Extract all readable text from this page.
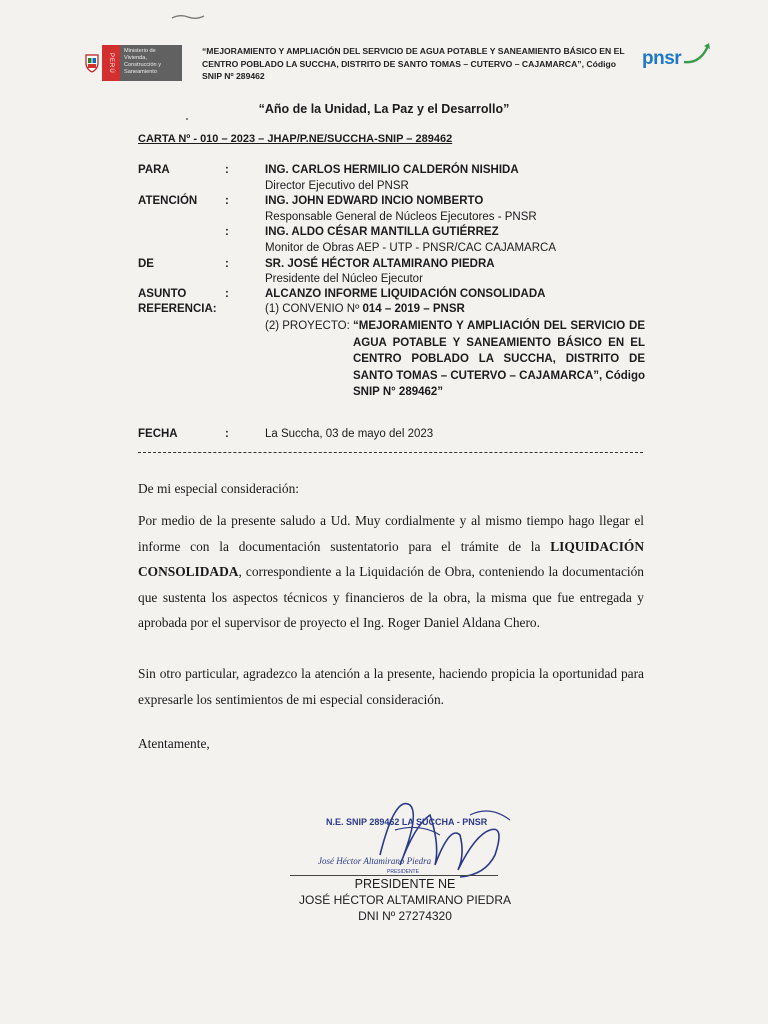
PERÚ
Ministerio de Vivienda, Construcción y Saneamiento
“MEJORAMIENTO Y AMPLIACIÓN DEL SERVICIO DE AGUA POTABLE Y SANEAMIENTO BÁSICO EN EL CENTRO POBLADO LA SUCCHA, DISTRITO DE SANTO TOMAS – CUTERVO – CAJAMARCA”, Código SNIP Nº 289462
pnsr
“Año de la Unidad, La Paz y el Desarrollo”
CARTA Nº - 010 – 2023 – JHAP/P.NE/SUCCHA-SNIP – 289462
PARA	:	ING. CARLOS HERMILIO CALDERÓN NISHIDA
Director Ejecutivo del PNSR
ATENCIÓN :	ING. JOHN EDWARD INCIO NOMBERTO
Responsable General de Núcleos Ejecutores - PNSR
:	ING. ALDO CÉSAR MANTILLA GUTIÉRREZ
Monitor de Obras AEP - UTP - PNSR/CAC CAJAMARCA
DE	:	SR. JOSÉ HÉCTOR ALTAMIRANO PIEDRA
Presidente del Núcleo Ejecutor
ASUNTO	:	ALCANZO INFORME LIQUIDACIÓN CONSOLIDADA
REFERENCIA:	(1) CONVENIO Nº 014 – 2019 – PNSR
(2) PROYECTO: “MEJORAMIENTO Y AMPLIACIÓN DEL SERVICIO DE AGUA POTABLE Y SANEAMIENTO BÁSICO EN EL CENTRO POBLADO LA SUCCHA, DISTRITO DE SANTO TOMAS – CUTERVO – CAJAMARCA”, Código SNIP N° 289462”
FECHA	:	La Succha, 03 de mayo del 2023

De mi especial consideración:

Por medio de la presente saludo a Ud. Muy cordialmente y al mismo tiempo hago llegar el informe con la documentación sustentatorio para el trámite de la LIQUIDACIÓN CONSOLIDADA, correspondiente a la Liquidación de Obra, conteniendo la documentación que sustenta los aspectos técnicos y financieros de la obra, la misma que fue entregada y aprobada por el supervisor de proyecto el Ing. Roger Daniel Aldana Chero.

Sin otro particular, agradezco la atención a la presente, haciendo propicia la oportunidad para expresarle los sentimientos de mi especial consideración.

Atentamente,

N.E. SNIP 289462 LA SUCCHA - PNSR
José Héctor Altamirano Piedra
PRESIDENTE
PRESIDENTE NE
JOSÉ HÉCTOR ALTAMIRANO PIEDRA
DNI Nº 27274320
